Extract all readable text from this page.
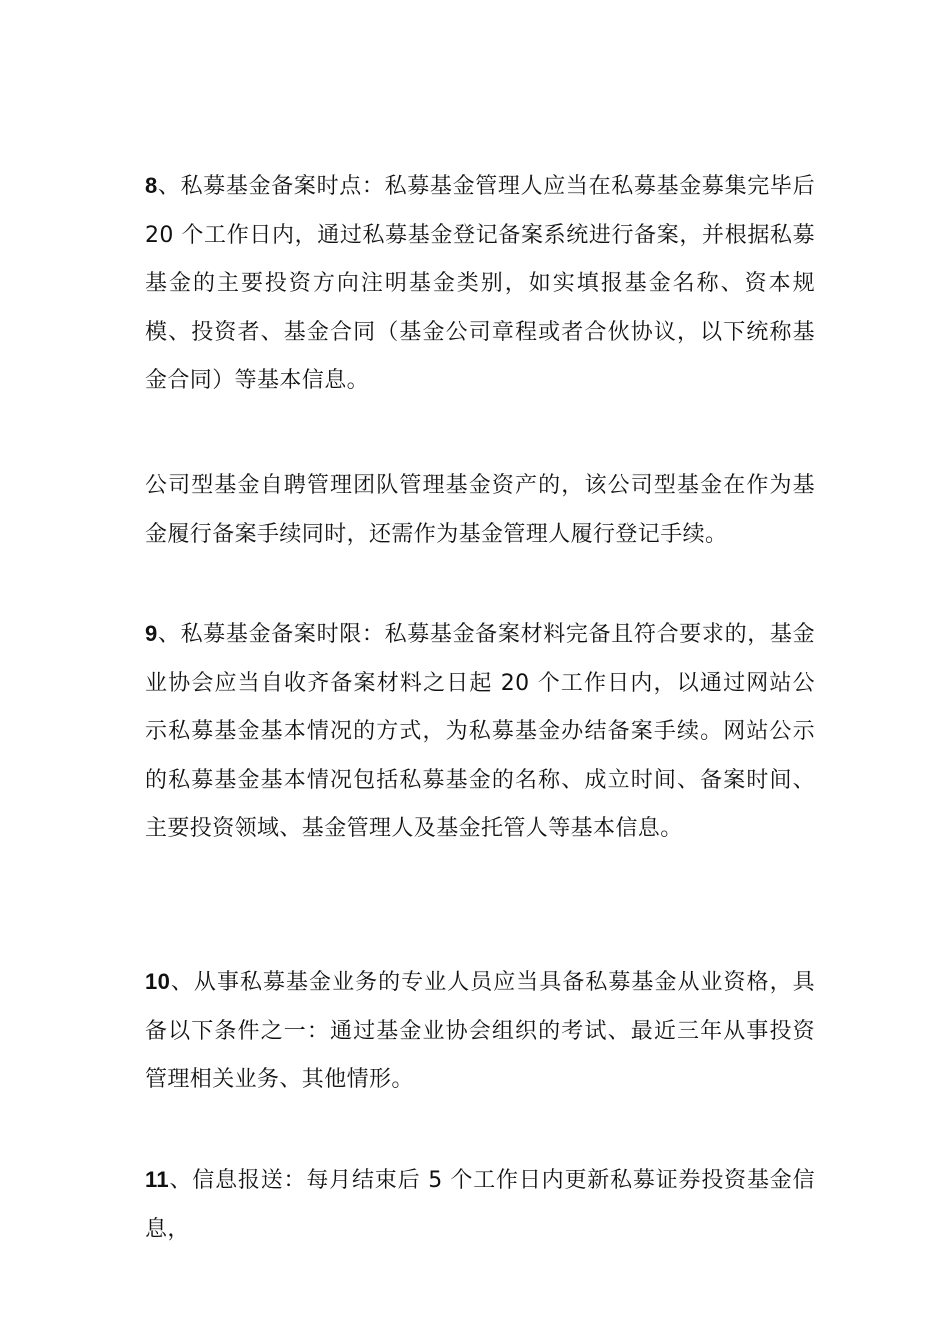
8、私募基金备案时点：私募基金管理人应当在私募基金募集完毕后20 个工作日内，通过私募基金登记备案系统进行备案，并根据私募基金的主要投资方向注明基金类别，如实填报基金名称、资本规模、投资者、基金合同（基金公司章程或者合伙协议，以下统称基金合同）等基本信息。

公司型基金自聘管理团队管理基金资产的，该公司型基金在作为基金履行备案手续同时，还需作为基金管理人履行登记手续。

9、私募基金备案时限：私募基金备案材料完备且符合要求的，基金业协会应当自收齐备案材料之日起 20 个工作日内，以通过网站公示私募基金基本情况的方式，为私募基金办结备案手续。网站公示的私募基金基本情况包括私募基金的名称、成立时间、备案时间、主要投资领域、基金管理人及基金托管人等基本信息。

10、从事私募基金业务的专业人员应当具备私募基金从业资格，具备以下条件之一：通过基金业协会组织的考试、最近三年从事投资管理相关业务、其他情形。

11、信息报送：每月结束后 5 个工作日内更新私募证券投资基金信息，
